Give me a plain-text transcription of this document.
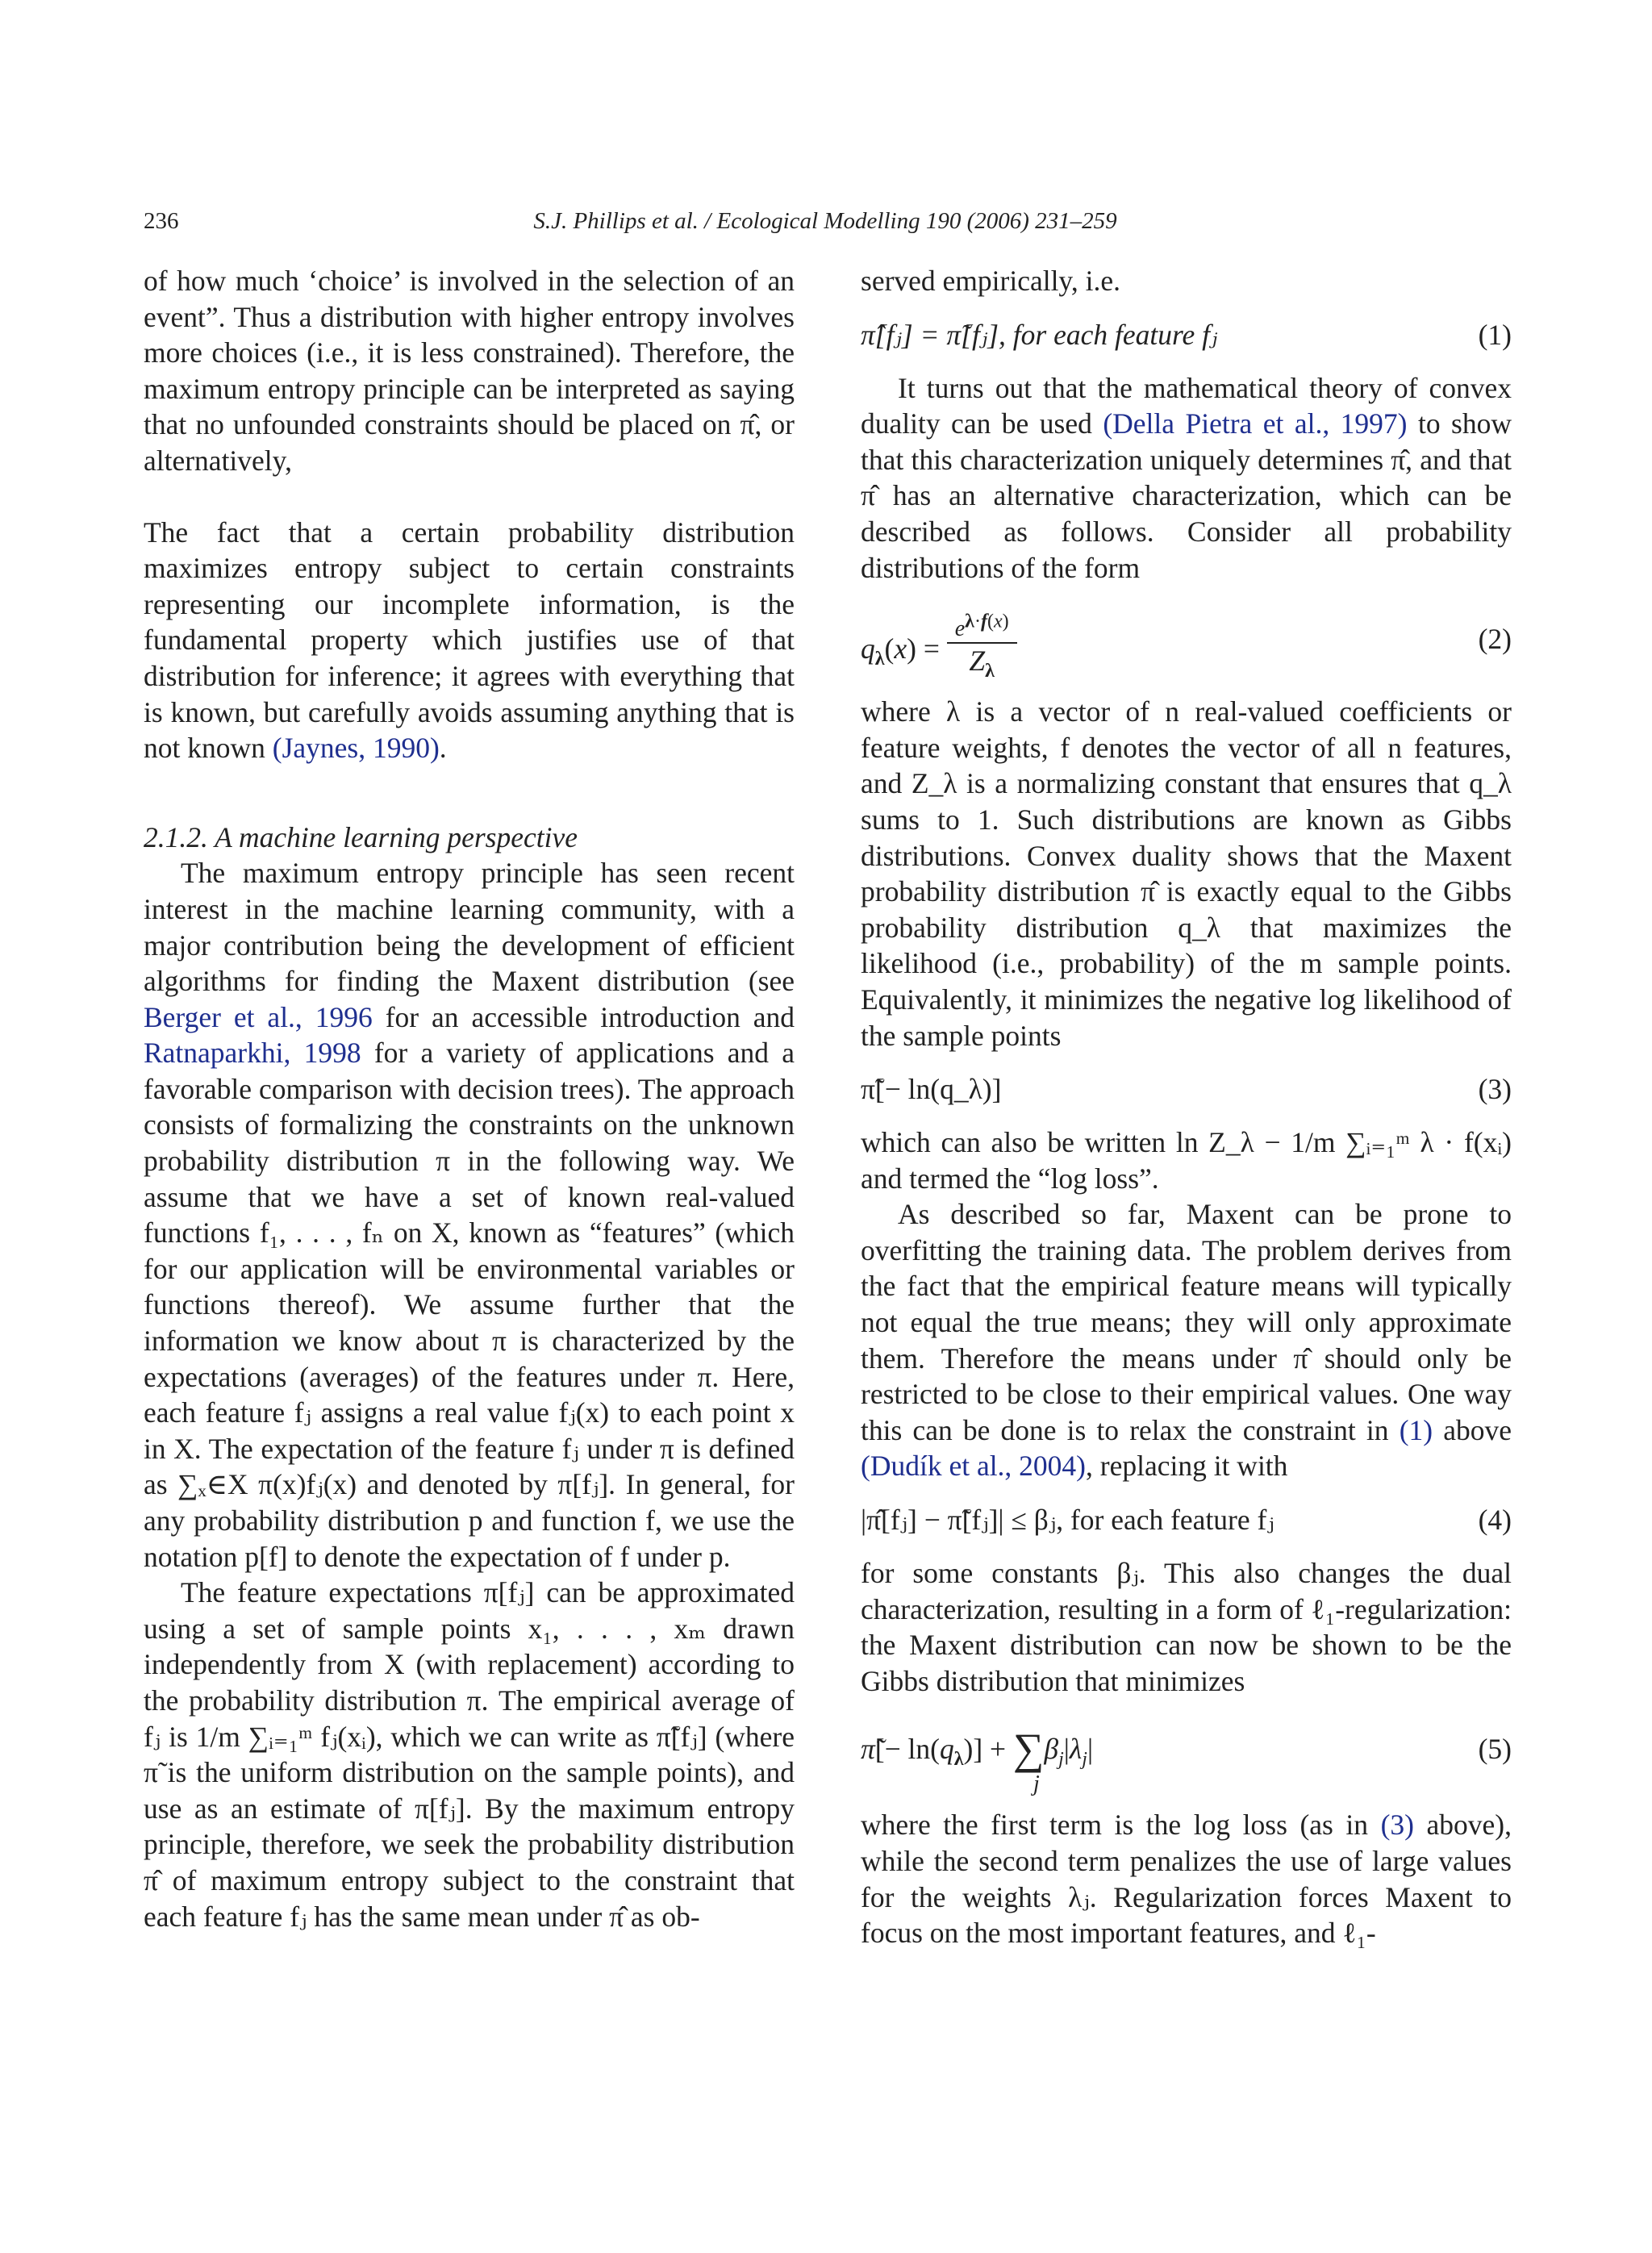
236	S.J. Phillips et al. / Ecological Modelling 190 (2006) 231–259

of how much ‘choice’ is involved in the selection of an event”. Thus a distribution with higher entropy involves more choices (i.e., it is less constrained). Therefore, the maximum entropy principle can be interpreted as saying that no unfounded constraints should be placed on π̂, or alternatively,

The fact that a certain probability distribution maximizes entropy subject to certain constraints representing our incomplete information, is the fundamental property which justifies use of that distribution for inference; it agrees with everything that is known, but carefully avoids assuming anything that is not known (Jaynes, 1990).

2.1.2. A machine learning perspective

The maximum entropy principle has seen recent interest in the machine learning community, with a major contribution being the development of efficient algorithms for finding the Maxent distribution (see Berger et al., 1996 for an accessible introduction and Ratnaparkhi, 1998 for a variety of applications and a favorable comparison with decision trees). The approach consists of formalizing the constraints on the unknown probability distribution π in the following way. We assume that we have a set of known real-valued functions f₁, . . . , fₙ on X, known as “features” (which for our application will be environmental variables or functions thereof). We assume further that the information we know about π is characterized by the expectations (averages) of the features under π. Here, each feature fⱼ assigns a real value fⱼ(x) to each point x in X. The expectation of the feature fⱼ under π is defined as ∑ₓ∈X π(x)fⱼ(x) and denoted by π[fⱼ]. In general, for any probability distribution p and function f, we use the notation p[f] to denote the expectation of f under p.

The feature expectations π[fⱼ] can be approximated using a set of sample points x₁, . . . , xₘ drawn independently from X (with replacement) according to the probability distribution π. The empirical average of fⱼ is 1/m ∑ᵢ₌₁ᵐ fⱼ(xᵢ), which we can write as π̃[fⱼ] (where π̃ is the uniform distribution on the sample points), and use as an estimate of π[fⱼ]. By the maximum entropy principle, therefore, we seek the probability distribution π̂ of maximum entropy subject to the constraint that each feature fⱼ has the same mean under π̂ as ob-

served empirically, i.e.

π̂[fⱼ] = π̃[fⱼ], for each feature fⱼ	(1)

It turns out that the mathematical theory of convex duality can be used (Della Pietra et al., 1997) to show that this characterization uniquely determines π̂, and that π̂ has an alternative characterization, which can be described as follows. Consider all probability distributions of the form

$q_\lambda(x) = \frac{e^{\lambda\cdot f(x)}}{Z_\lambda}$	(2)

where λ is a vector of n real-valued coefficients or feature weights, f denotes the vector of all n features, and Z_λ is a normalizing constant that ensures that q_λ sums to 1. Such distributions are known as Gibbs distributions. Convex duality shows that the Maxent probability distribution π̂ is exactly equal to the Gibbs probability distribution q_λ that maximizes the likelihood (i.e., probability) of the m sample points. Equivalently, it minimizes the negative log likelihood of the sample points

π̃[− ln(q_λ)]	(3)

which can also be written ln Z_λ − 1/m ∑ᵢ₌₁ᵐ λ · f(xᵢ) and termed the “log loss”.

As described so far, Maxent can be prone to overfitting the training data. The problem derives from the fact that the empirical feature means will typically not equal the true means; they will only approximate them. Therefore the means under π̂ should only be restricted to be close to their empirical values. One way this can be done is to relax the constraint in (1) above (Dudík et al., 2004), replacing it with

|π̂[fⱼ] − π̃[fⱼ]| ≤ βⱼ, for each feature fⱼ	(4)

for some constants βⱼ. This also changes the dual characterization, resulting in a form of ℓ₁-regularization: the Maxent distribution can now be shown to be the Gibbs distribution that minimizes

π̃[− $\ln(q_\lambda)] + \sum\beta_j|\lambda_j|$
j
(5)

where the first term is the log loss (as in (3) above), while the second term penalizes the use of large values for the weights λⱼ. Regularization forces Maxent to focus on the most important features, and ℓ₁-
